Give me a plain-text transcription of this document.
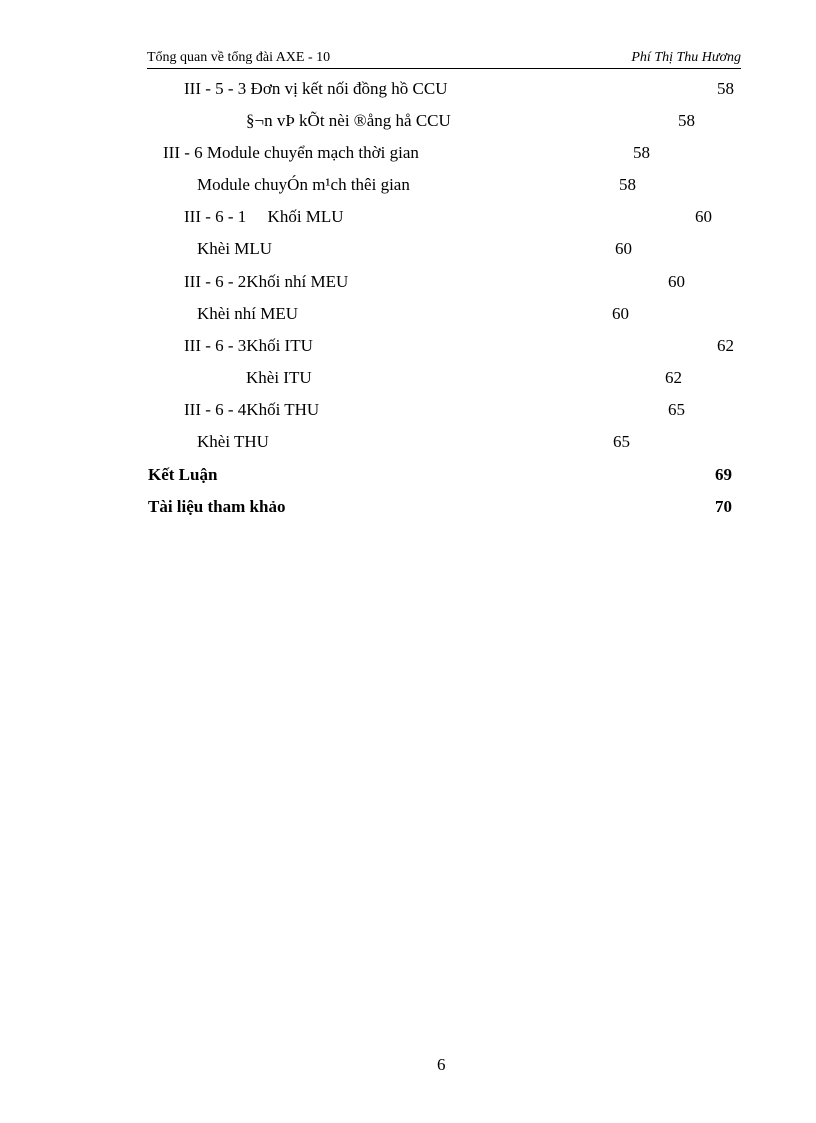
Tổng quan về tổng đài AXE - 10	Phí Thị Thu Hương
III - 5 - 3 Đơn vị kết nối đồng hồ CCU	58
§¬n vÞ kÕt nèi ®ång hå CCU	58
III - 6 Module chuyển mạch thời gian	58
Module chuyÓn m¹ch thêi gian	58
III - 6 - 1     Khối MLU	60
Khèi MLU	60
III - 6 - 2Khối nhí MEU	60
Khèi nhí MEU	60
III - 6 - 3Khối ITU	62
Khèi ITU	62
III - 6 - 4Khối THU	65
Khèi THU	65
Kết Luận	69
Tài liệu tham khảo	70
6
